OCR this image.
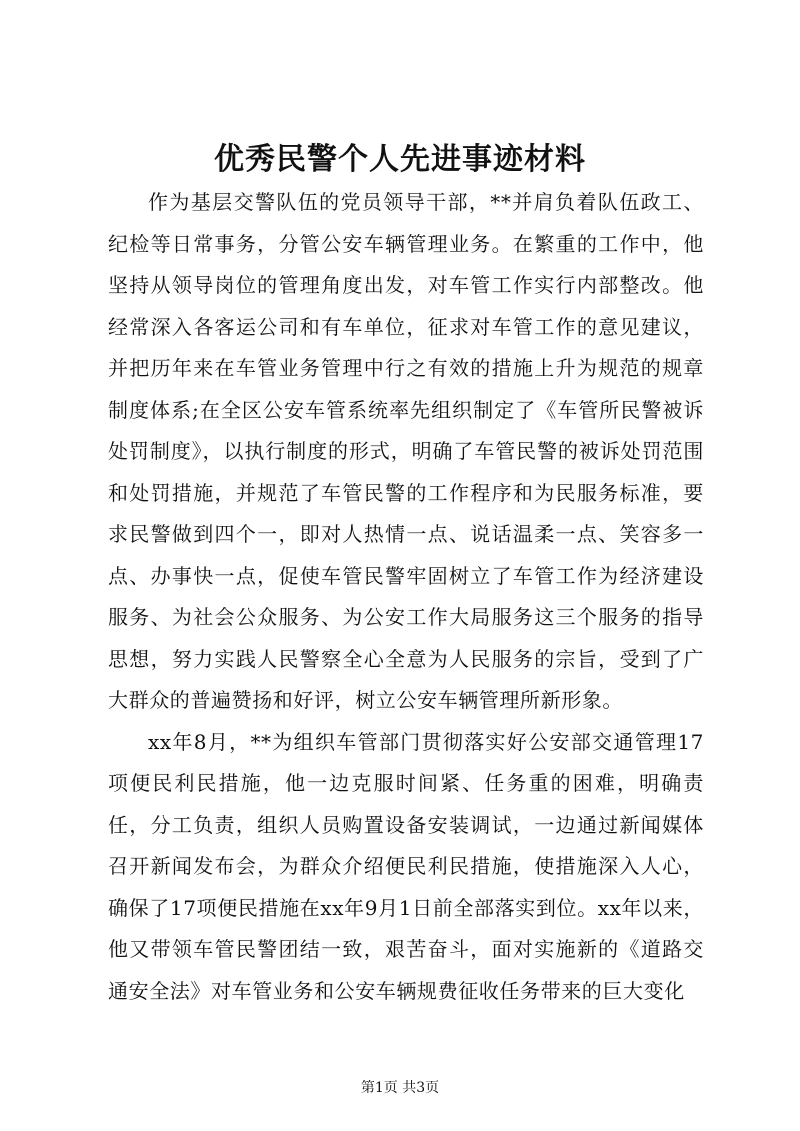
优秀民警个人先进事迹材料

作为基层交警队伍的党员领导干部，**并肩负着队伍政工、纪检等日常事务，分管公安车辆管理业务。在繁重的工作中，他坚持从领导岗位的管理角度出发，对车管工作实行内部整改。他经常深入各客运公司和有车单位，征求对车管工作的意见建议，并把历年来在车管业务管理中行之有效的措施上升为规范的规章制度体系;在全区公安车管系统率先组织制定了《车管所民警被诉处罚制度》，以执行制度的形式，明确了车管民警的被诉处罚范围和处罚措施，并规范了车管民警的工作程序和为民服务标准，要求民警做到四个一，即对人热情一点、说话温柔一点、笑容多一点、办事快一点，促使车管民警牢固树立了车管工作为经济建设服务、为社会公众服务、为公安工作大局服务这三个服务的指导思想，努力实践人民警察全心全意为人民服务的宗旨，受到了广大群众的普遍赞扬和好评，树立公安车辆管理所新形象。

xx年8月，**为组织车管部门贯彻落实好公安部交通管理17项便民利民措施，他一边克服时间紧、任务重的困难，明确责任，分工负责，组织人员购置设备安装调试，一边通过新闻媒体召开新闻发布会，为群众介绍便民利民措施，使措施深入人心，确保了17项便民措施在xx年9月1日前全部落实到位。xx年以来，他又带领车管民警团结一致，艰苦奋斗，面对实施新的《道路交通安全法》对车管业务和公安车辆规费征收任务带来的巨大变化

第1页 共3页
